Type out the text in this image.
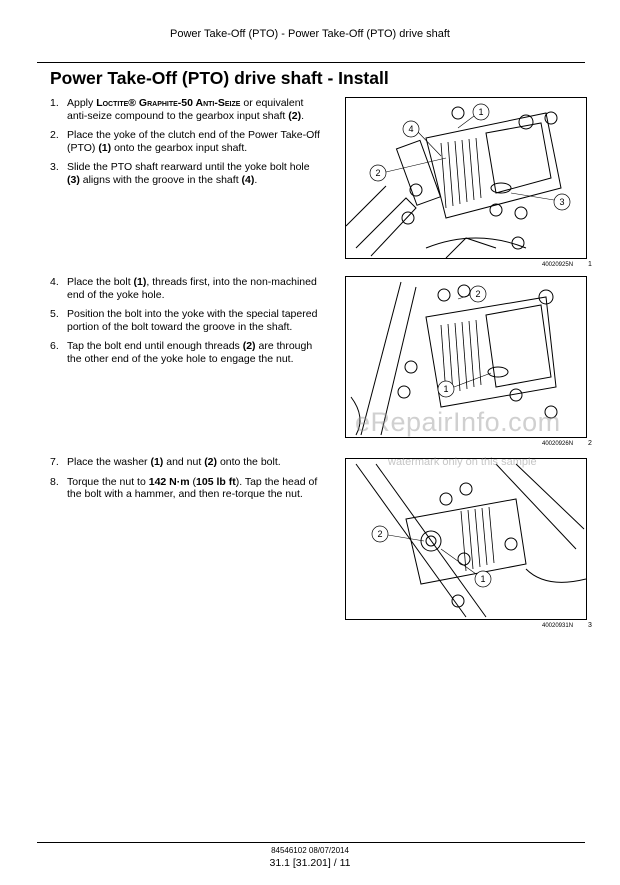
Power Take-Off (PTO) - Power Take-Off (PTO) drive shaft
Power Take-Off (PTO) drive shaft - Install
1. Apply Loctite® Graphite-50 Anti-Seize or equivalent anti-seize compound to the gearbox input shaft (2).
2. Place the yoke of the clutch end of the Power Take-Off (PTO) (1) onto the gearbox input shaft.
3. Slide the PTO shaft rearward until the yoke bolt hole (3) aligns with the groove in the shaft (4).
4. Place the bolt (1), threads first, into the non-machined end of the yoke hole.
5. Position the bolt into the yoke with the special tapered portion of the bolt toward the groove in the shaft.
6. Tap the bolt end until enough threads (2) are through the other end of the yoke hole to engage the nut.
7. Place the washer (1) and nut (2) onto the bolt.
8. Torque the nut to 142 N·m (105 lb ft). Tap the head of the bolt with a hammer, and then re-torque the nut.
1
2
3
4
40020925N 1
2
1
40020926N 2
2
1
40020931N 3
eRepairInfo.com
watermark only on this sample
84546102 08/07/2014
31.1 [31.201] / 11
